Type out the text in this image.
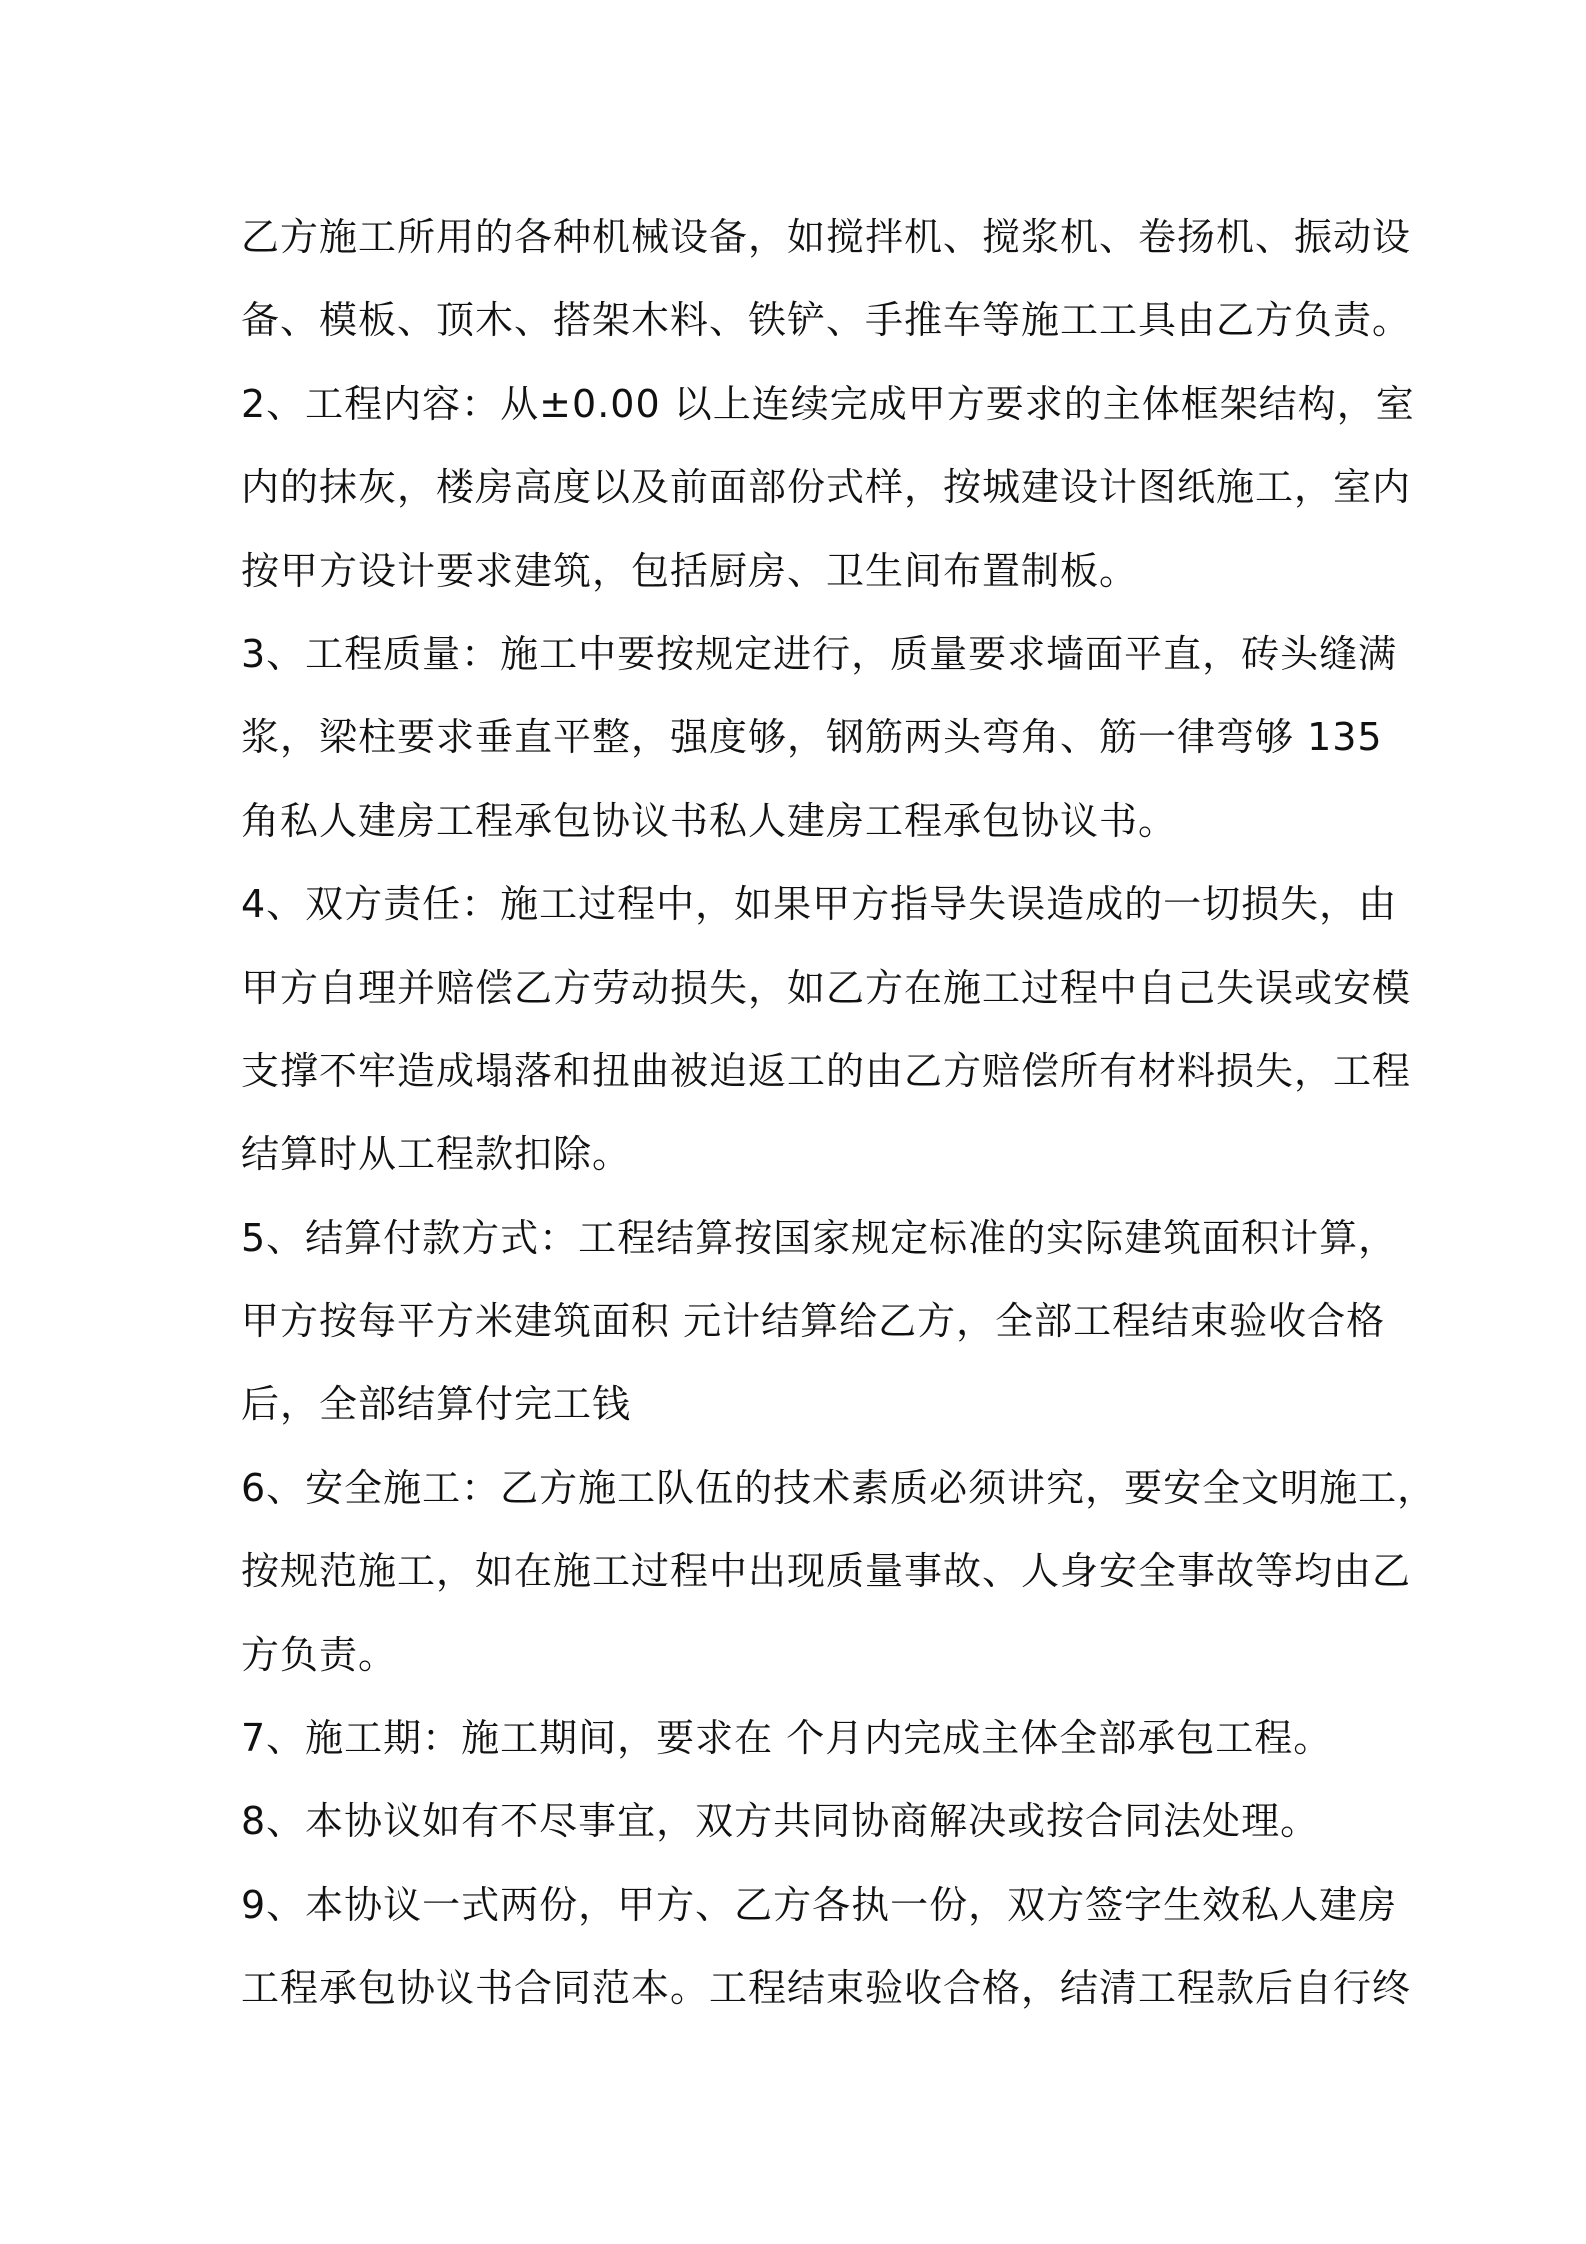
乙方施工所用的各种机械设备，如搅拌机、搅浆机、卷扬机、振动设
备、模板、顶木、搭架木料、铁铲、手推车等施工工具由乙方负责。
2、工程内容：从±0.00 以上连续完成甲方要求的主体框架结构，室
内的抹灰，楼房高度以及前面部份式样，按城建设计图纸施工，室内
按甲方设计要求建筑，包括厨房、卫生间布置制板。
3、工程质量：施工中要按规定进行，质量要求墙面平直，砖头缝满
浆，梁柱要求垂直平整，强度够，钢筋两头弯角、筋一律弯够 135
角私人建房工程承包协议书私人建房工程承包协议书。
4、双方责任：施工过程中，如果甲方指导失误造成的一切损失，由
甲方自理并赔偿乙方劳动损失，如乙方在施工过程中自己失误或安模
支撑不牢造成塌落和扭曲被迫返工的由乙方赔偿所有材料损失，工程
结算时从工程款扣除。
5、结算付款方式：工程结算按国家规定标准的实际建筑面积计算，
甲方按每平方米建筑面积 元计结算给乙方，全部工程结束验收合格
后，全部结算付完工钱
6、安全施工：乙方施工队伍的技术素质必须讲究，要安全文明施工，
按规范施工，如在施工过程中出现质量事故、人身安全事故等均由乙
方负责。
7、施工期：施工期间，要求在 个月内完成主体全部承包工程。
8、本协议如有不尽事宜，双方共同协商解决或按合同法处理。
9、本协议一式两份，甲方、乙方各执一份，双方签字生效私人建房
工程承包协议书合同范本。工程结束验收合格，结清工程款后自行终
